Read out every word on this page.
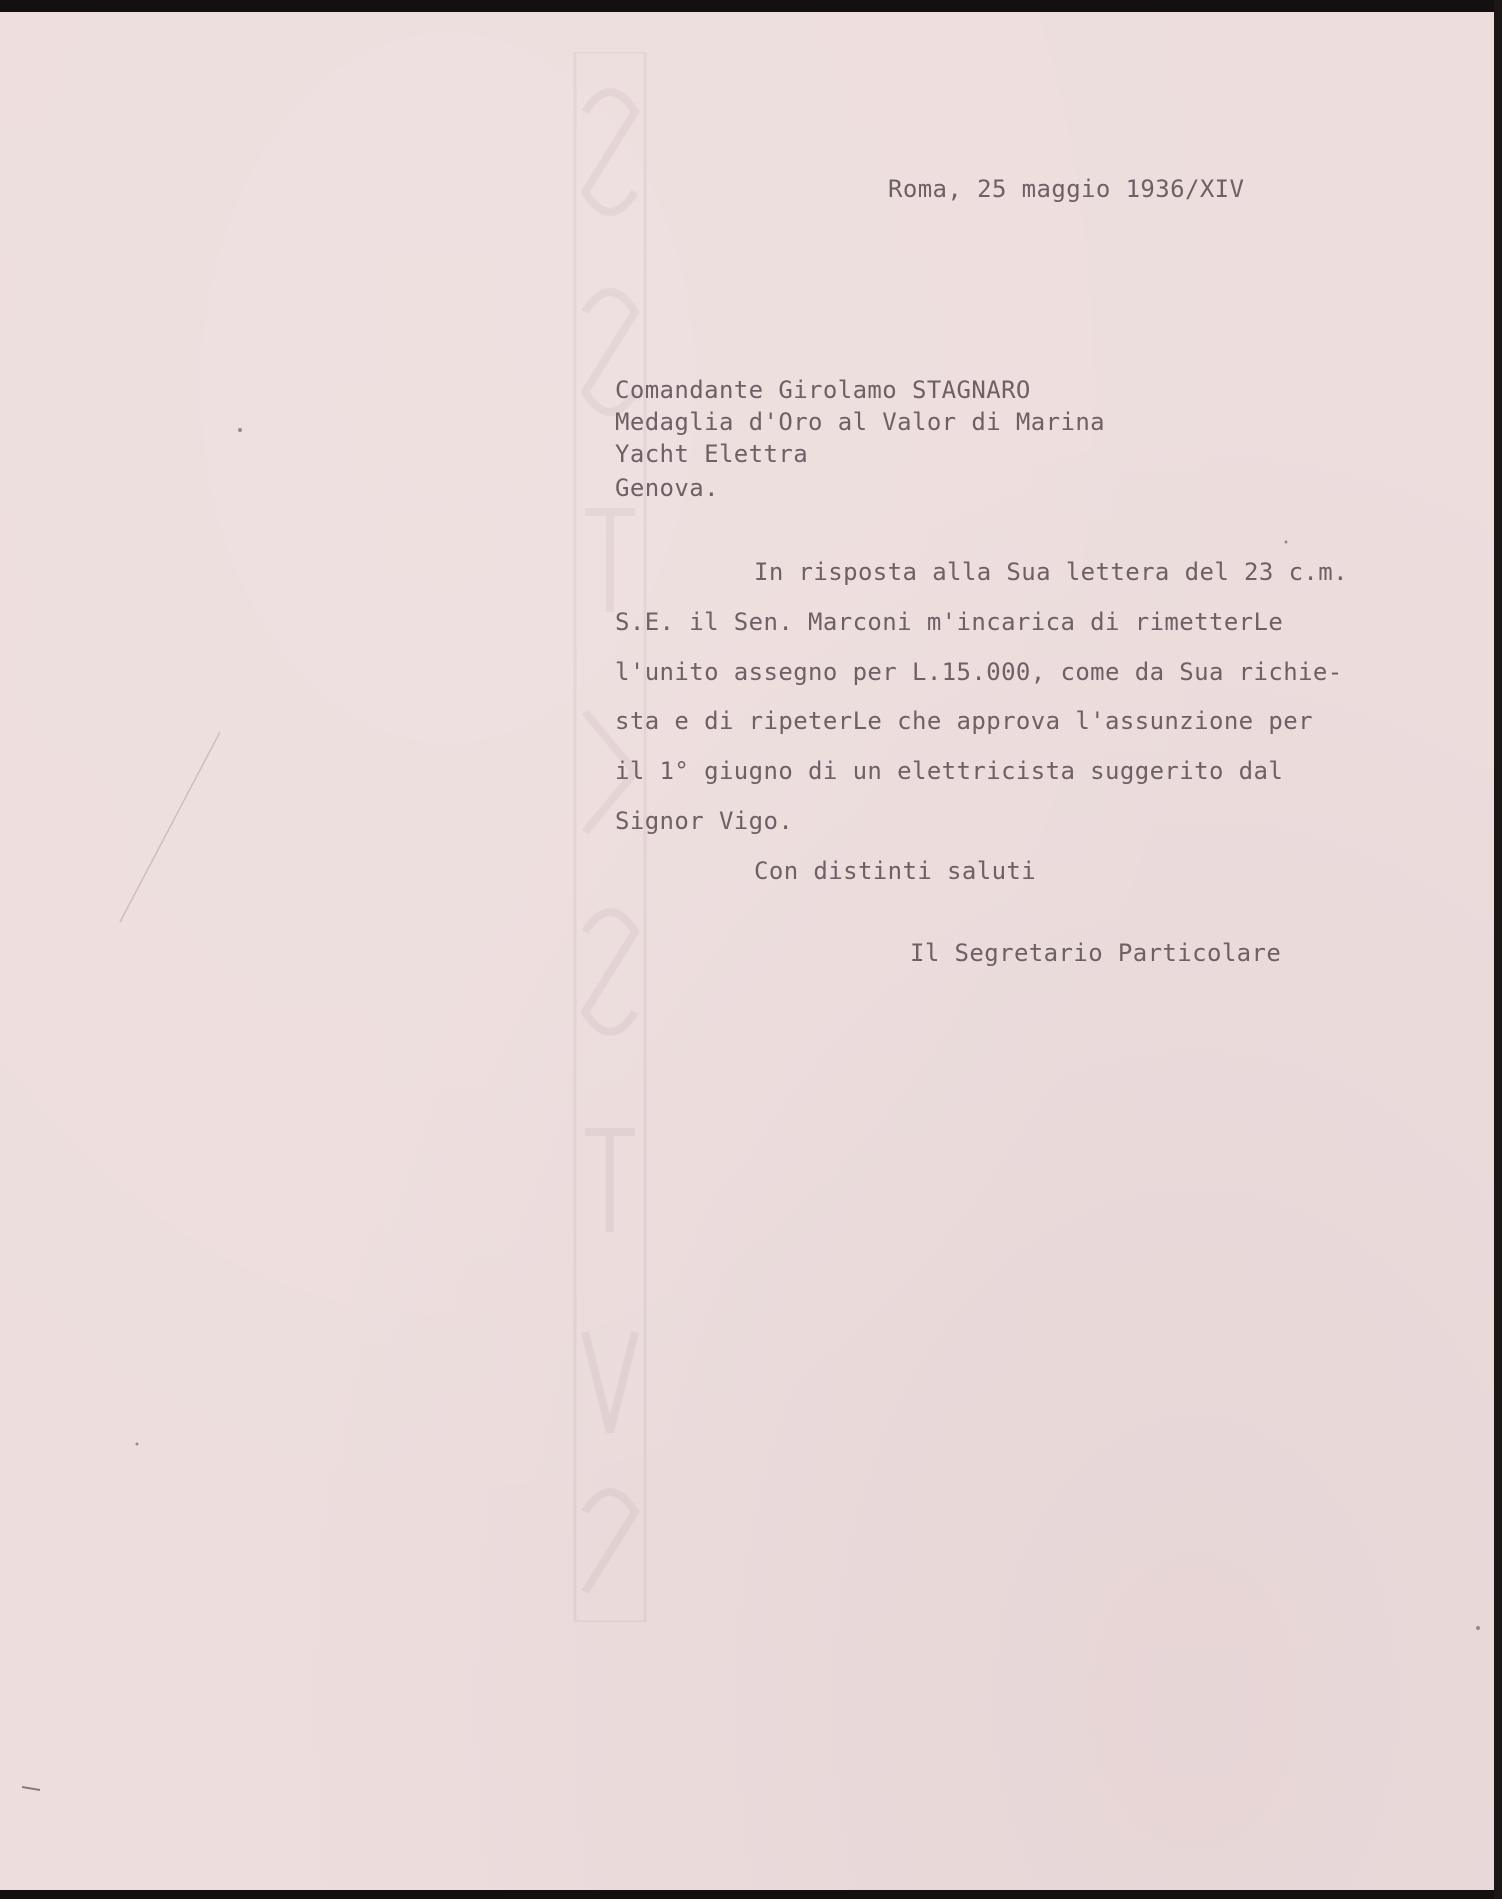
Roma, 25 maggio 1936/XIV

Comandante Girolamo STAGNARO

Medaglia d'Oro al Valor di Marina

Yacht Elettra

Genova.

In risposta alla Sua lettera del 23 c.m.

S.E. il Sen. Marconi m'incarica di rimetterLe

l'unito assegno per L.15.000, come da Sua richie-

sta e di ripeterLe che approva l'assunzione per

il 1° giugno di un elettricista suggerito dal

Signor Vigo.

Con distinti saluti

Il Segretario Particolare
